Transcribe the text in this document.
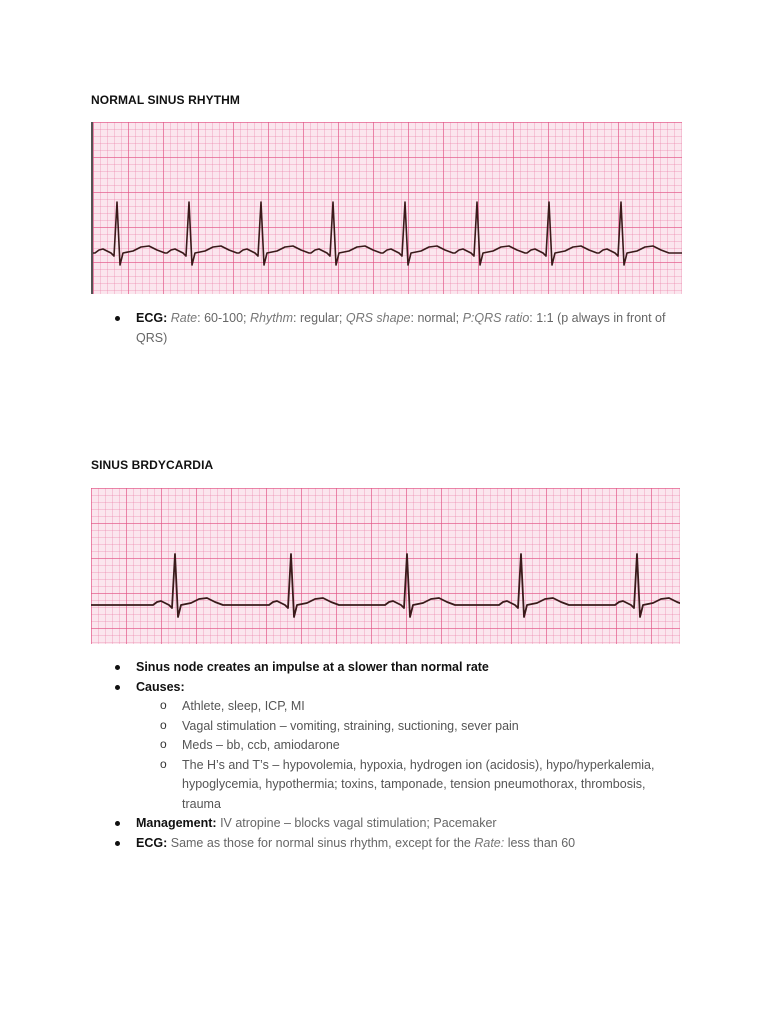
NORMAL SINUS RHYTHM
ECG: Rate: 60-100; Rhythm: regular; QRS shape: normal; P:QRS ratio: 1:1 (p always in front of QRS)
SINUS BRDYCARDIA
Sinus node creates an impulse at a slower than normal rate
Causes:
o Athlete, sleep, ICP, MI
o Vagal stimulation – vomiting, straining, suctioning, sever pain
o Meds – bb, ccb, amiodarone
o The H’s and T’s – hypovolemia, hypoxia, hydrogen ion (acidosis), hypo/hyperkalemia, hypoglycemia, hypothermia; toxins, tamponade, tension pneumothorax, thrombosis, trauma
Management: IV atropine – blocks vagal stimulation; Pacemaker
ECG: Same as those for normal sinus rhythm, except for the Rate: less than 60
